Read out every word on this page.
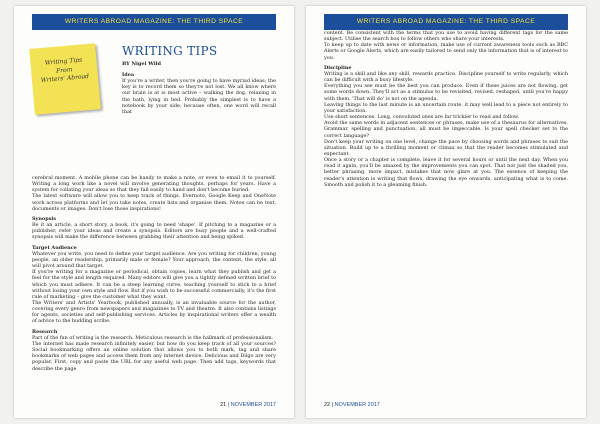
WRITERS ABROAD MAGAZINE: THE THIRD SPACE
Writing Tips
From
Writers' Abroad
WRITING TIPS
BY Nigel Wild

Idea

If you're a writer, then you're going to have myriad ideas; the key is to record them so they're not lost. We all know where our brain is at is most active – walking the dog, relaxing in the bath, lying in bed. Probably the simplest is to have a notebook by your side, because often, one word will recall that

cerebral moment. A mobile phone can be handy to make a note, or even to email it to yourself. Writing a long work like a novel will involve generating thoughts, perhaps for years. Have a system for collating your ideas so that they fall easily to hand and don't become buried.

The latest software will allow you to keep track of things. Evernote, Google Keep and OneNote work across platforms and let you take notes, create lists and organise them. Notes can be text, documents or images. Don't lose those inspirations!

Synopsis

Be it an article, a short story, a book, it's going to need 'shape'. If pitching to a magazine or a publisher, refer your ideas and create a synopsis. Editors are busy people and a well-crafted synopsis will make the difference between grabbing their attention and being spiked.

Target Audience

Whatever you write, you need to define your target audience. Are you writing for children, young people, an older readership, primarily male or female? Your approach, the content, the style, all will pivot around that target.

If you're writing for a magazine or periodical, obtain copies, learn what they publish and get a feel for the style and length required. Many editors will give you a tightly defined written brief to which you must adhere. It can be a steep learning curve, teaching yourself to stick to a brief without losing your own style and flow. But if you wish to be successful commercially, it's the first rule of marketing – give the customer what they want.

The Writers' and Artists' Yearbook, published annually, is an invaluable source for the author, covering every genre from newspapers and magazines to TV and theatre. It also contains listings for agents, societies and self-publishing services. Articles by inspirational writers offer a wealth of advice to the budding scribe.

Research

Part of the fun of writing is the research. Meticulous research is the hallmark of professionalism.

The internet has made research infinitely easier, but how do you keep track of all your sources? Social bookmarking offers an online solution that allows you to both mark, tag and share bookmarks of web pages and access them from any internet device. Delicious and Diigo are very popular. First, copy and paste the URL for any useful web page. Then add tags, keywords that describe the page

21 | NOVEMBER 2017
WRITERS ABROAD MAGAZINE: THE THIRD SPACE

content. Be consistent with the terms that you use to avoid having different tags for the same subject. Utilise the search box to follow others who share your interests.

To keep up to date with news or information, make use of current awareness tools such as BBC Alerts or Google Alerts, which are easily tailored to send only the information that is of interest to you.

Discipline

Writing is a skill and like any skill, rewards practice. Discipline yourself to write regularly, which can be difficult with a busy lifestyle.

Everything you see must be the best you can produce. Even if these juices are not flowing, get some words down. They'll act as a stimulus to be revisited, revised, reshaped, until you're happy with them. 'That will do' is not on the agenda.

Leaving things to the last minute is an uncertain route, it may well lead to a piece not entirely to your satisfaction.

Use short sentences. Long, convoluted ones are far trickier to read and follow.

Avoid the same words in adjacent sentences or phrases, make use of a thesaurus for alternatives. Grammar, spelling and punctuation, all must be impeccable. Is your spell checker set to the correct language?

Don't keep your writing on one level, change the pace by choosing words and phrases to suit the situation. Build up to a thrilling moment or climax so that the reader becomes stimulated and expectant.

Once a story or a chapter is complete, leave it for several hours or until the next day. When you read it again, you'll be amazed by the improvements you can spot. That not just the shaded you, better phrasing, more impact, mistakes that now glare at you. The essence of keeping the reader's attention is writing that flows, drawing the eye onwards, anticipating what is to come. Smooth and polish it to a gleaming finish.

22 | NOVEMBER 2017
